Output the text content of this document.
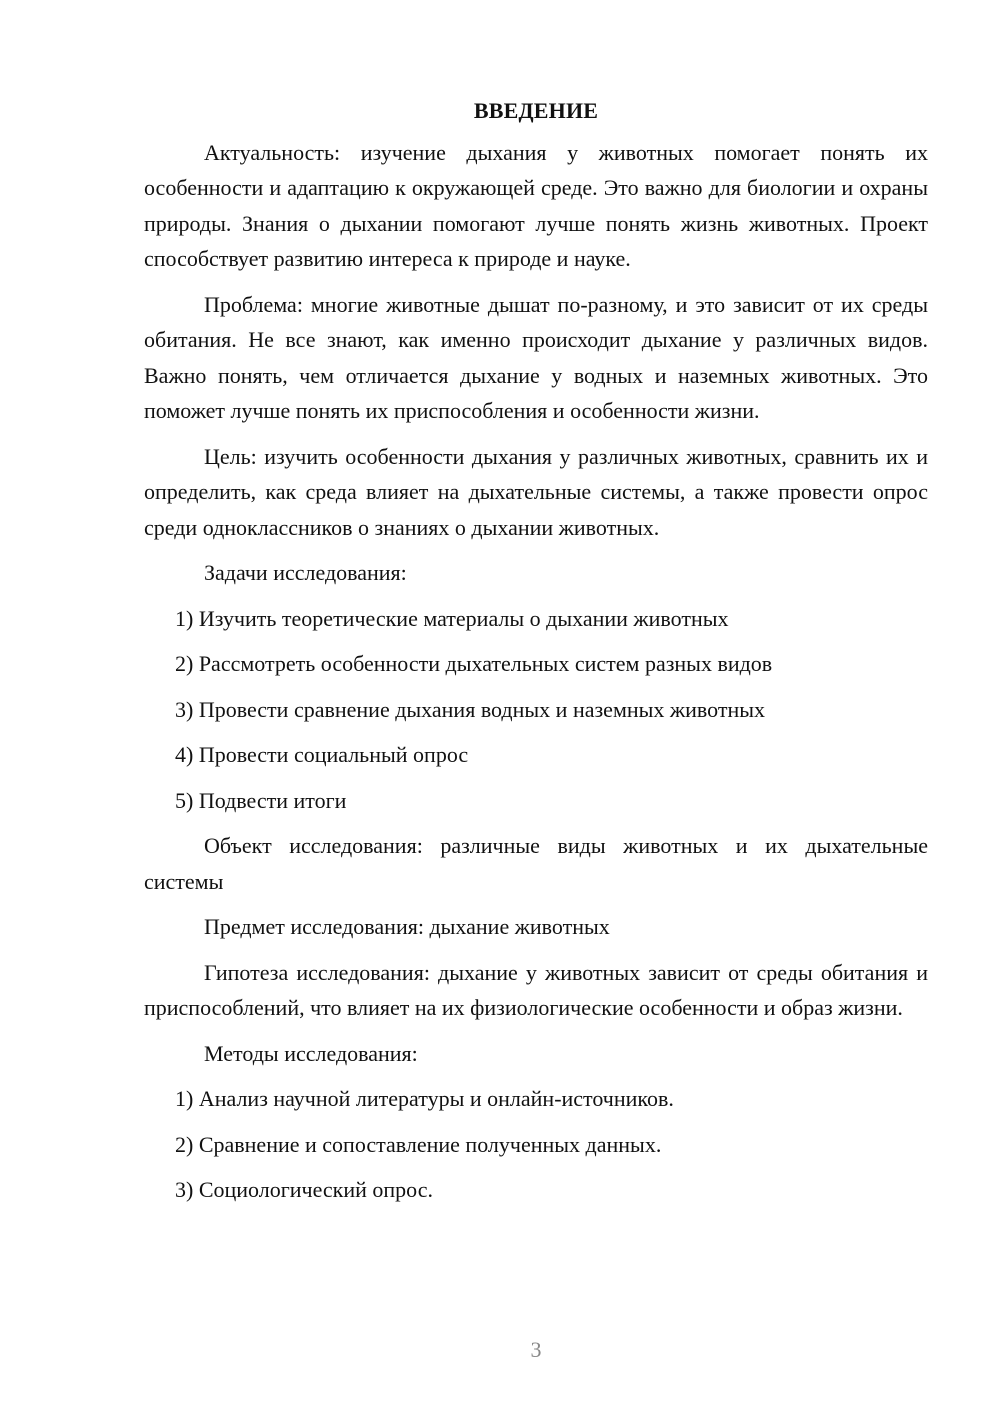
ВВЕДЕНИЕ

Актуальность: изучение дыхания у животных помогает понять их особенности и адаптацию к окружающей среде. Это важно для биологии и охраны природы. Знания о дыхании помогают лучше понять жизнь животных. Проект способствует развитию интереса к природе и науке.

Проблема: многие животные дышат по-разному, и это зависит от их среды обитания. Не все знают, как именно происходит дыхание у различных видов. Важно понять, чем отличается дыхание у водных и наземных животных. Это поможет лучше понять их приспособления и особенности жизни.

Цель: изучить особенности дыхания у различных животных, сравнить их и определить, как среда влияет на дыхательные системы, а также провести опрос среди одноклассников о знаниях о дыхании животных.

Задачи исследования:
1) Изучить теоретические материалы о дыхании животных
2) Рассмотреть особенности дыхательных систем разных видов
3) Провести сравнение дыхания водных и наземных животных
4) Провести социальный опрос
5) Подвести итоги

Объект исследования: различные виды животных и их дыхательные системы

Предмет исследования: дыхание животных

Гипотеза исследования: дыхание у животных зависит от среды обитания и приспособлений, что влияет на их физиологические особенности и образ жизни.

Методы исследования:
1) Анализ научной литературы и онлайн-источников.
2) Сравнение и сопоставление полученных данных.
3) Социологический опрос.
3
